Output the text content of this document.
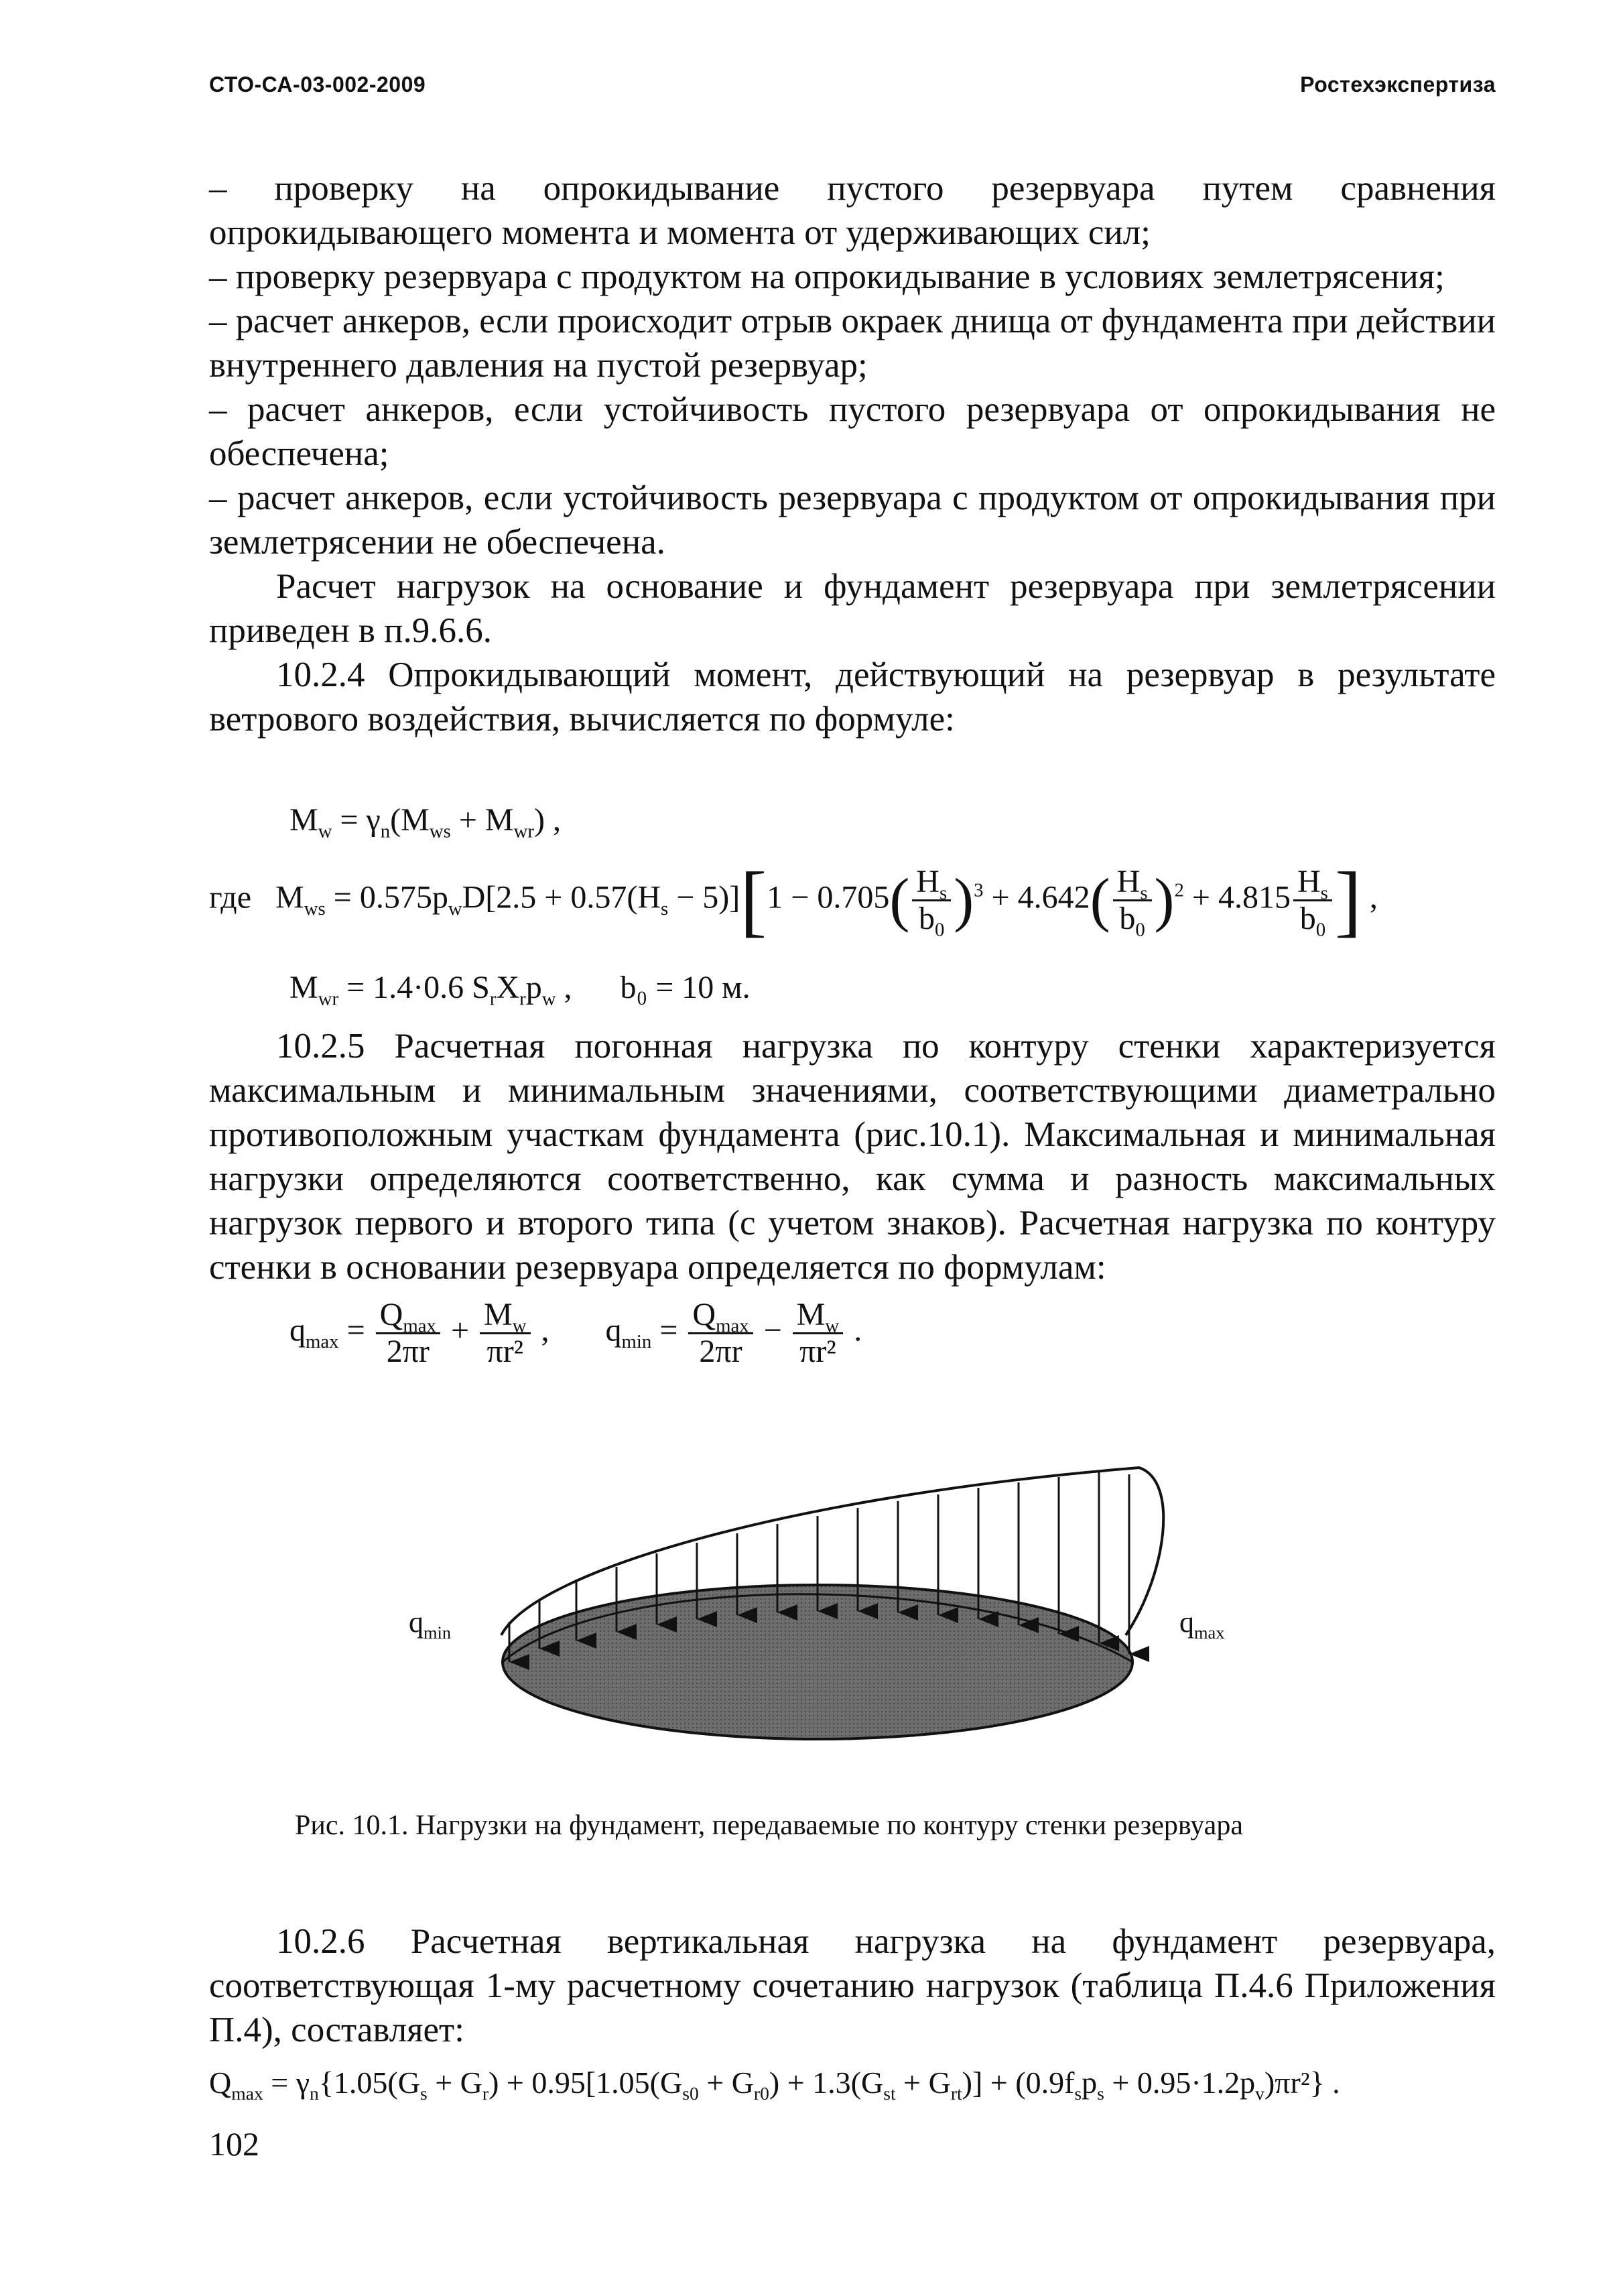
СТО-СА-03-002-2009	Ростехэкспертиза

– проверку на опрокидывание пустого резервуара путем сравнения опрокидывающего момента и момента от удерживающих сил;

– проверку резервуара с продуктом на опрокидывание в условиях землетрясения;

– расчет анкеров, если происходит отрыв окраек днища от фундамента при действии внутреннего давления на пустой резервуар;

– расчет анкеров, если устойчивость пустого резервуара от опрокидывания не обеспечена;

– расчет анкеров, если устойчивость резервуара с продуктом от опрокидывания при землетрясении не обеспечена.

Расчет нагрузок на основание и фундамент резервуара при землетрясении приведен в п.9.6.6.

10.2.4 Опрокидывающий момент, действующий на резервуар в результате ветрового воздействия, вычисляется по формуле:

$M_w = \gamma_n(M_{ws} + M_{wr})$ ,
где   $M_{ws} = 0.575p_wD[2.5 + 0.57(H_s - 5)][1 - 0.705( \frac{H_s}{b_0} )^3 + 4.642( \frac{H_s}{b_0} )^2 + 4.815 \frac{H_s}{b_0}$ ] ,
$M_{wr} = 1.4\cdot 0.6$ $S_rX_rp_w$ ,      b₀ = 10 м.

10.2.5 Расчетная погонная нагрузка по контуру стенки характеризуется максимальным и минимальным значениями, соответствующими диаметрально противоположным участкам фундамента (рис.10.1). Максимальная и минимальная нагрузки определяются соответственно, как сумма и разность максимальных нагрузок первого и второго типа (с учетом знаков). Расчетная нагрузка по контуру стенки в основании резервуара определяется по формулам:

$q_{max} = \frac{Q_{max}}{2\pi r} + \frac{M_w}{\text{πr²}}$ ,       $q_{min} = \frac{Q_{max}}{2\pi r} - \frac{M_w}{\text{πr²}}$ .
$q_{min}$	$q_{max}$
Рис. 10.1. Нагрузки на фундамент, передаваемые по контуру стенки резервуара

10.2.6 Расчетная вертикальная нагрузка на фундамент резервуара, соответствующая 1-му расчетному сочетанию нагрузок (таблица П.4.6 Приложения П.4), составляет:

$Q_{max} = \gamma_n\{1.05(G_s + G_r) + 0.95[1.05(G_{s0} + G_{r0}) + 1.3(G_{st} + G_{rt})] + (0.9f_sp_s + 0.95\cdot 1.2p_v)\pi r^2\}$ .
102
